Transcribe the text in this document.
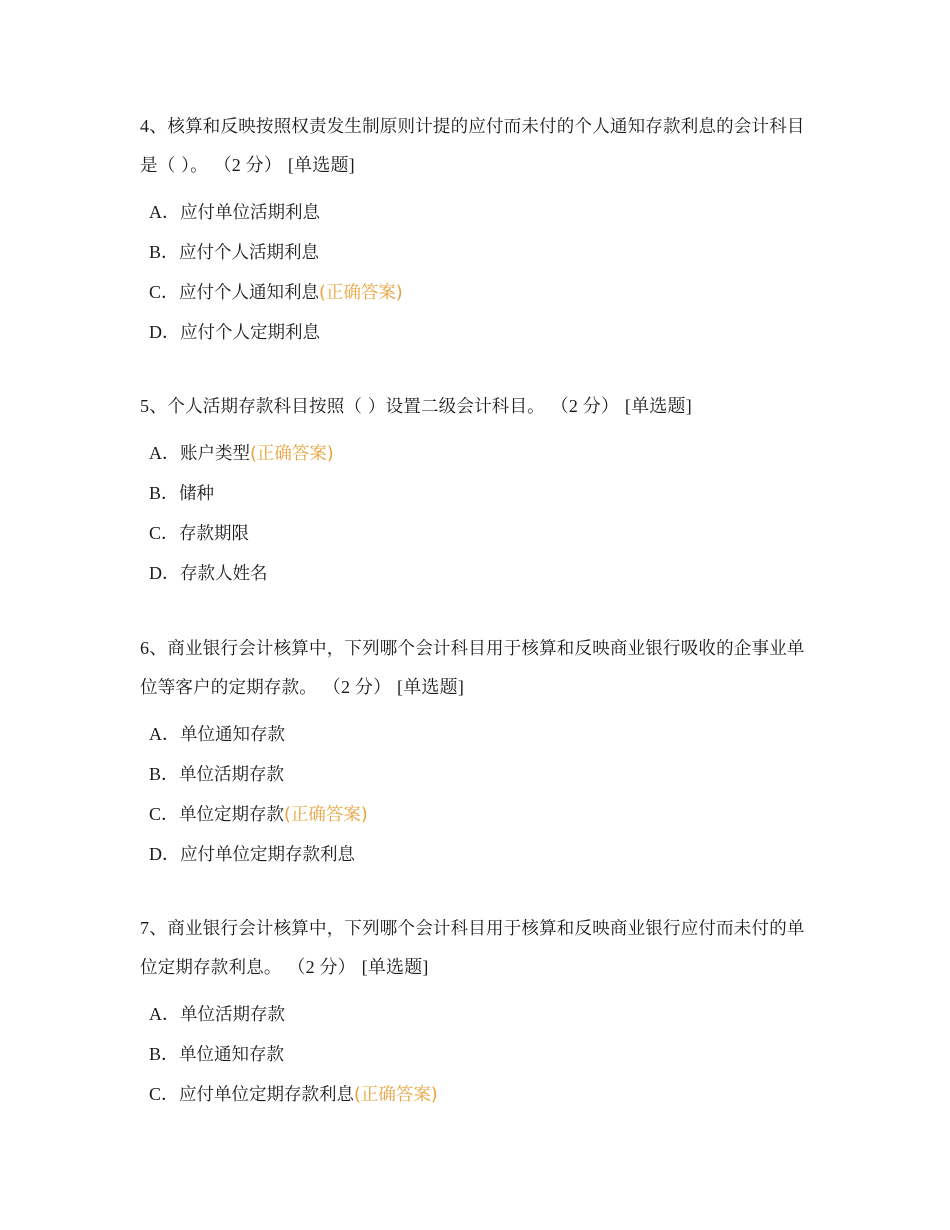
4、核算和反映按照权责发生制原则计提的应付而未付的个人通知存款利息的会计科目是（ ）。 （2 分） [单选题]

A．应付单位活期利息
B．应付个人活期利息
C．应付个人通知利息(正确答案)
D．应付个人定期利息

5、个人活期存款科目按照（ ）设置二级会计科目。 （2 分） [单选题]

A．账户类型(正确答案)
B．储种
C．存款期限
D．存款人姓名

6、商业银行会计核算中，下列哪个会计科目用于核算和反映商业银行吸收的企事业单位等客户的定期存款。 （2 分） [单选题]

A．单位通知存款
B．单位活期存款
C．单位定期存款(正确答案)
D．应付单位定期存款利息

7、商业银行会计核算中，下列哪个会计科目用于核算和反映商业银行应付而未付的单位定期存款利息。 （2 分） [单选题]

A．单位活期存款
B．单位通知存款
C．应付单位定期存款利息(正确答案)
